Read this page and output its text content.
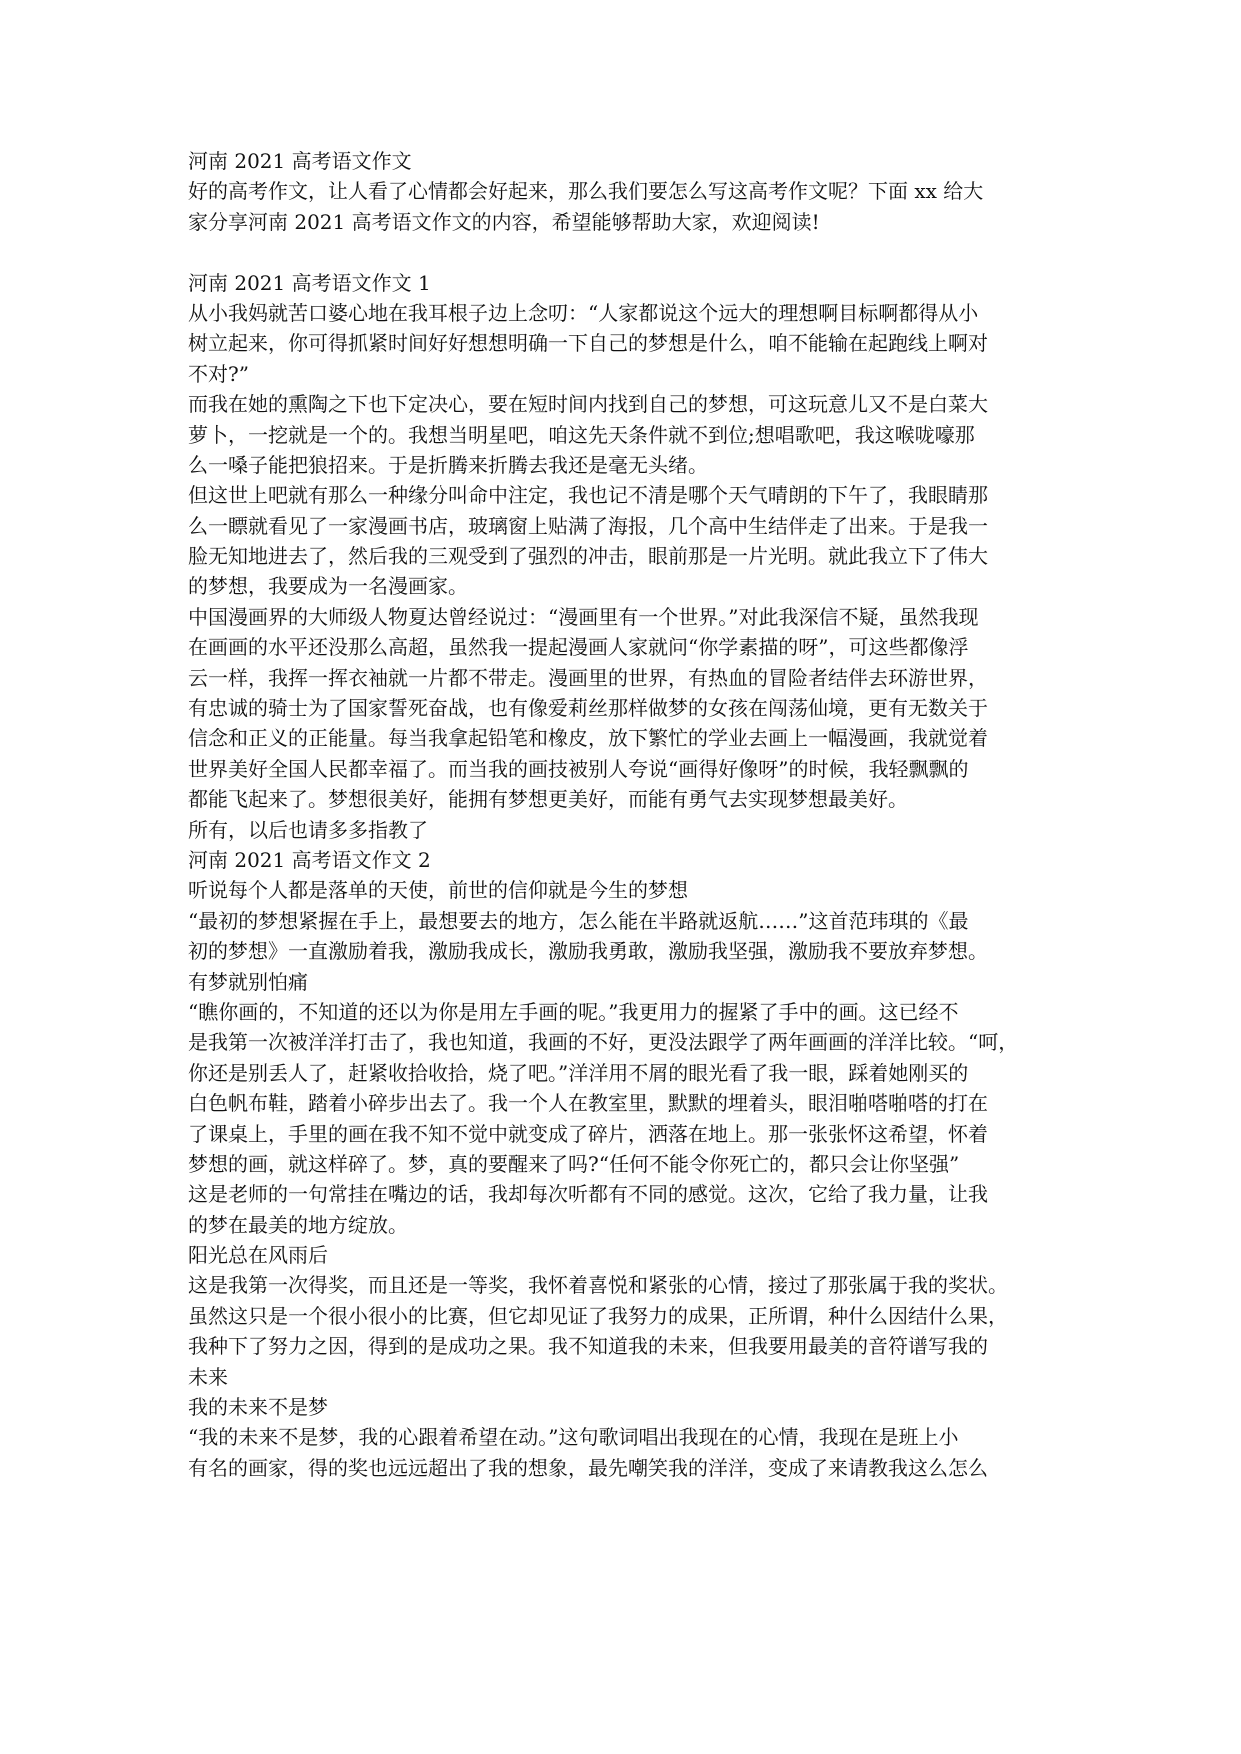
河南 2021 高考语文作文
好的高考作文，让人看了心情都会好起来，那么我们要怎么写这高考作文呢？下面 xx 给大
家分享河南 2021 高考语文作文的内容，希望能够帮助大家，欢迎阅读!
河南 2021 高考语文作文 1
从小我妈就苦口婆心地在我耳根子边上念叨：“人家都说这个远大的理想啊目标啊都得从小
树立起来，你可得抓紧时间好好想想明确一下自己的梦想是什么，咱不能输在起跑线上啊对
不对?”
而我在她的熏陶之下也下定决心，要在短时间内找到自己的梦想，可这玩意儿又不是白菜大
萝卜，一挖就是一个的。我想当明星吧，咱这先天条件就不到位;想唱歌吧，我这喉咙嚎那
么一嗓子能把狼招来。于是折腾来折腾去我还是毫无头绪。
但这世上吧就有那么一种缘分叫命中注定，我也记不清是哪个天气晴朗的下午了，我眼睛那
么一瞟就看见了一家漫画书店，玻璃窗上贴满了海报，几个高中生结伴走了出来。于是我一
脸无知地进去了，然后我的三观受到了强烈的冲击，眼前那是一片光明。就此我立下了伟大
的梦想，我要成为一名漫画家。
中国漫画界的大师级人物夏达曾经说过：“漫画里有一个世界。”对此我深信不疑，虽然我现
在画画的水平还没那么高超，虽然我一提起漫画人家就问“你学素描的呀”，可这些都像浮
云一样，我挥一挥衣袖就一片都不带走。漫画里的世界，有热血的冒险者结伴去环游世界，
有忠诚的骑士为了国家誓死奋战，也有像爱莉丝那样做梦的女孩在闯荡仙境，更有无数关于
信念和正义的正能量。每当我拿起铅笔和橡皮，放下繁忙的学业去画上一幅漫画，我就觉着
世界美好全国人民都幸福了。而当我的画技被别人夸说“画得好像呀”的时候，我轻飘飘的
都能飞起来了。梦想很美好，能拥有梦想更美好，而能有勇气去实现梦想最美好。
所有，以后也请多多指教了
河南 2021 高考语文作文 2
听说每个人都是落单的天使，前世的信仰就是今生的梦想
“最初的梦想紧握在手上，最想要去的地方，怎么能在半路就返航……”这首范玮琪的《最
初的梦想》一直激励着我，激励我成长，激励我勇敢，激励我坚强，激励我不要放弃梦想。
有梦就别怕痛
“瞧你画的，不知道的还以为你是用左手画的呢。”我更用力的握紧了手中的画。这已经不
是我第一次被洋洋打击了，我也知道，我画的不好，更没法跟学了两年画画的洋洋比较。“呵，
你还是别丢人了，赶紧收拾收拾，烧了吧。”洋洋用不屑的眼光看了我一眼，踩着她刚买的
白色帆布鞋，踏着小碎步出去了。我一个人在教室里，默默的埋着头，眼泪啪嗒啪嗒的打在
了课桌上，手里的画在我不知不觉中就变成了碎片，洒落在地上。那一张张怀这希望，怀着
梦想的画，就这样碎了。梦，真的要醒来了吗?“任何不能令你死亡的，都只会让你坚强”
这是老师的一句常挂在嘴边的话，我却每次听都有不同的感觉。这次，它给了我力量，让我
的梦在最美的地方绽放。
阳光总在风雨后
这是我第一次得奖，而且还是一等奖，我怀着喜悦和紧张的心情，接过了那张属于我的奖状。
虽然这只是一个很小很小的比赛，但它却见证了我努力的成果，正所谓，种什么因结什么果，
我种下了努力之因，得到的是成功之果。我不知道我的未来，但我要用最美的音符谱写我的
未来
我的未来不是梦
“我的未来不是梦，我的心跟着希望在动。”这句歌词唱出我现在的心情，我现在是班上小
有名的画家，得的奖也远远超出了我的想象，最先嘲笑我的洋洋，变成了来请教我这么怎么
